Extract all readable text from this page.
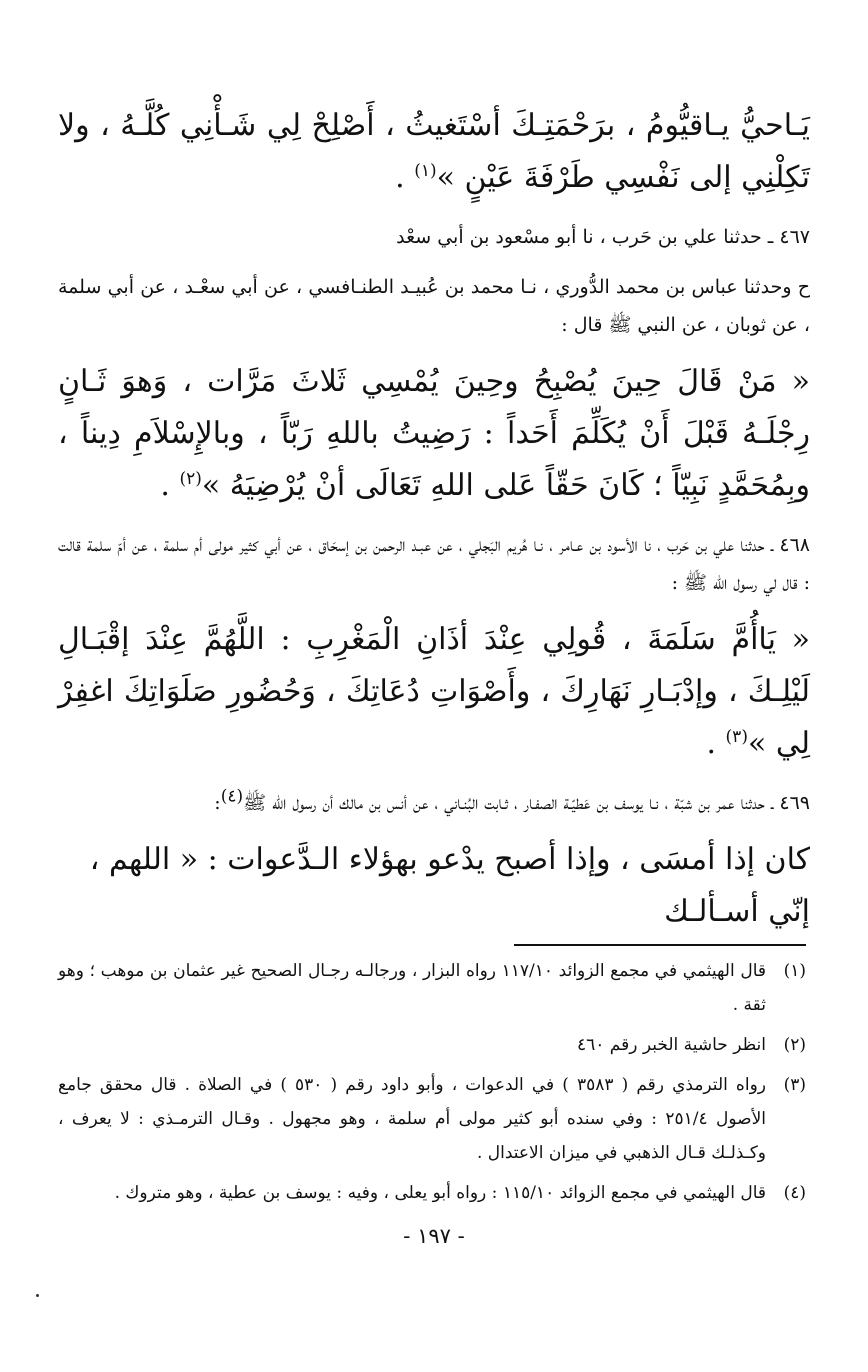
يَـاحيُّ يـاقيُّومُ ، برَحْمَتِـكَ أسْتَغيثُ ، أَصْلِحْ لِي شَـأْنِي كُلَّـهُ ، ولا تَكِلْنِي إلى نَفْسِي طَرْفَةَ عَيْنٍ »$^{(١)}$ .

٤٦٧ ـ حدثنا علي بن حَرب ، نا أبو مسْعود بن أبي سعْد

ح وحدثنا عباس بن محمد الدُّوري ، نـا محمد بن عُبيـد الطنـافسي ، عن أبي سعْـد ، عن أبي سلمة ، عن ثوبان ، عن النبي ﷺ قال :

« مَنْ قَالَ حِينَ يُصْبِحُ وحِينَ يُمْسِي ثَلاثَ مَرَّات ، وَهوَ ثَـانٍ رِجْلَـهُ قَبْلَ أَنْ يُكَلِّمَ أَحَداً : رَضِيتُ باللهِ رَبّاً ، وبالإِسْلاَمِ دِيناً ، وبِمُحَمَّدٍ نَبِيّاً ؛ كَانَ حَقّاً عَلى اللهِ تَعَالَى أنْ يُرْضِيَهُ »$^{(٢)}$ .

٤٦٨ ـ حدثنا علي بن حَرب ، نا الأسود بن عـامر ، نـا هُريم البَجلي ، عن عبـد الرحمن بن إسحَاق ، عن أبي كثير مولى أم سلمة ، عن أمّ سلمة قالت : قال لي رسول الله ﷺ :

« يَاأُمَّ سَلَمَةَ ، قُولِي عِنْدَ أذَانِ الْمَغْرِبِ : اللَّهُمَّ عِنْدَ إقْبَـالِ لَيْلِـكَ ، وإدْبَـارِ نَهَارِكَ ، وأَصْوَاتِ دُعَاتِكَ ، وَحُضُورِ صَلَوَاتِكَ اغفِرْ لِي »$^{(٣)}$ .

٤٦٩ ـ حدثنا عمر بن شبّة ، نـا يوسف بن عَطيّـة الصفـار ، ثـابت البُنـاني ، عن أنس بن مالك أن رسول الله ﷺ(٤):

كان إذا أمسَى ، وإذا أصبح يدْعو بهؤلاء الـدَّعوات : « اللهم ، إنّي أسـألـك

(١)
قال الهيثمي في مجمع الزوائد ١١٧/١٠ رواه البزار ، ورجالـه رجـال الصحيح غير عثمان بن موهب ؛ وهو ثقة .
(٢)
انظر حاشية الخبر رقم ٤٦٠
(٣)
رواه الترمذي رقم ( ٣٥٨٣ ) في الدعوات ، وأبو داود رقم ( ٥٣٠ ) في الصلاة . قال محقق جامع الأصول ٢٥١/٤ : وفي سنده أبو كثير مولى أم سلمة ، وهو مجهول . وقـال الترمـذي : لا يعرف ، وكـذلـك قـال الذهبي في ميزان الاعتدال .
(٤)
قال الهيثمي في مجمع الزوائد ١١٥/١٠ : رواه أبو يعلى ، وفيه : يوسف بن عطية ، وهو متروك .
- ١٩٧ -
